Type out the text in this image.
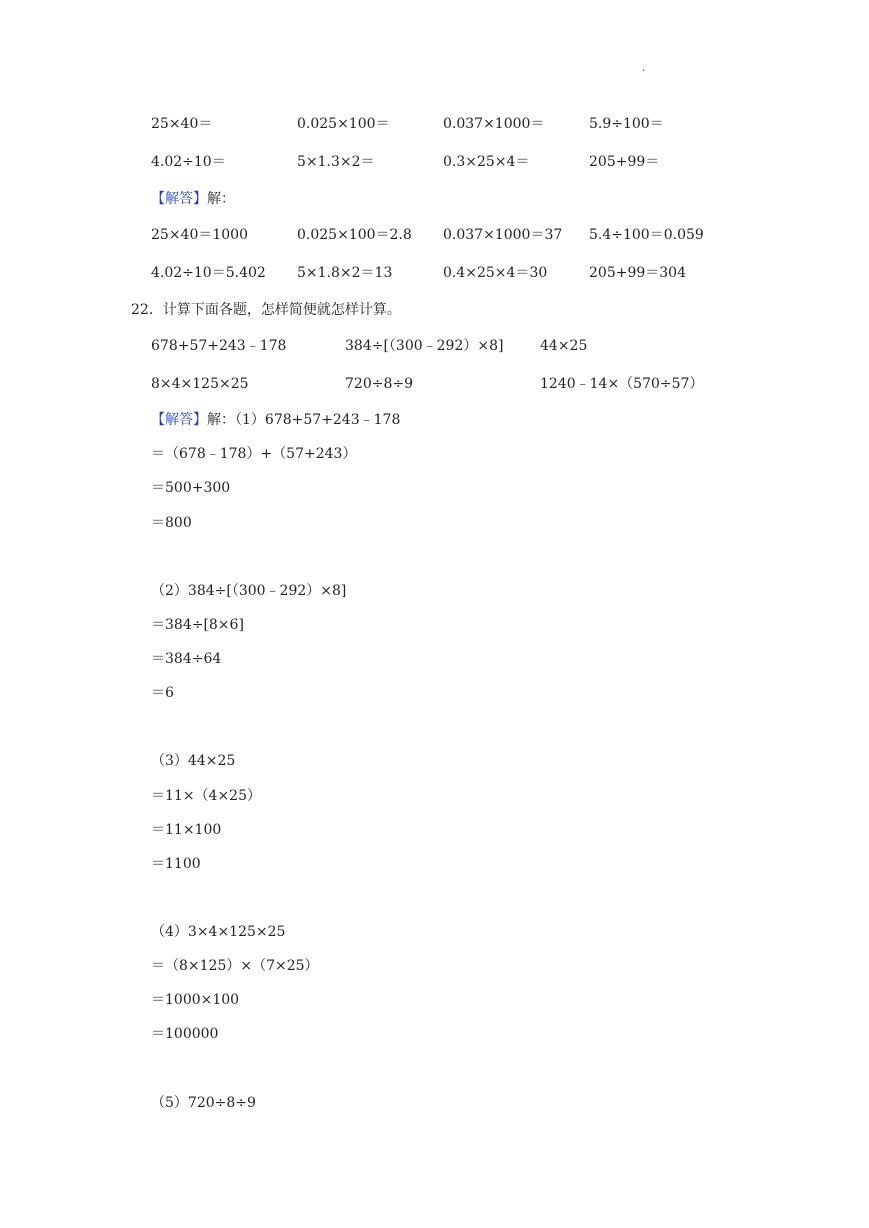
·
25×40＝	0.025×100＝	0.037×1000＝	5.9÷100＝
4.02÷10＝	5×1.3×2＝	0.3×25×4＝	205+99＝
【解答】解：
25×40＝1000	0.025×100＝2.8 0.037×1000＝37 5.4÷100＝0.059
4.02÷10＝5.402 5×1.8×2＝13	0.4×25×4＝30	205+99＝304
22．计算下面各题，怎样简便就怎样计算。
678+57+243﹣178	384÷[（300﹣292）×8]	44×25
8×4×125×25	720÷8÷9	1240﹣14×（570÷57）
【解答】解：（1）678+57+243﹣178
＝（678﹣178）+（57+243）
＝500+300
＝800
（2）384÷[（300﹣292）×8]
＝384÷[8×6]
＝384÷64
＝6
（3）44×25
＝11×（4×25）
＝11×100
＝1100
（4）3×4×125×25
＝（8×125）×（7×25）
＝1000×100
＝100000
（5）720÷8÷9
